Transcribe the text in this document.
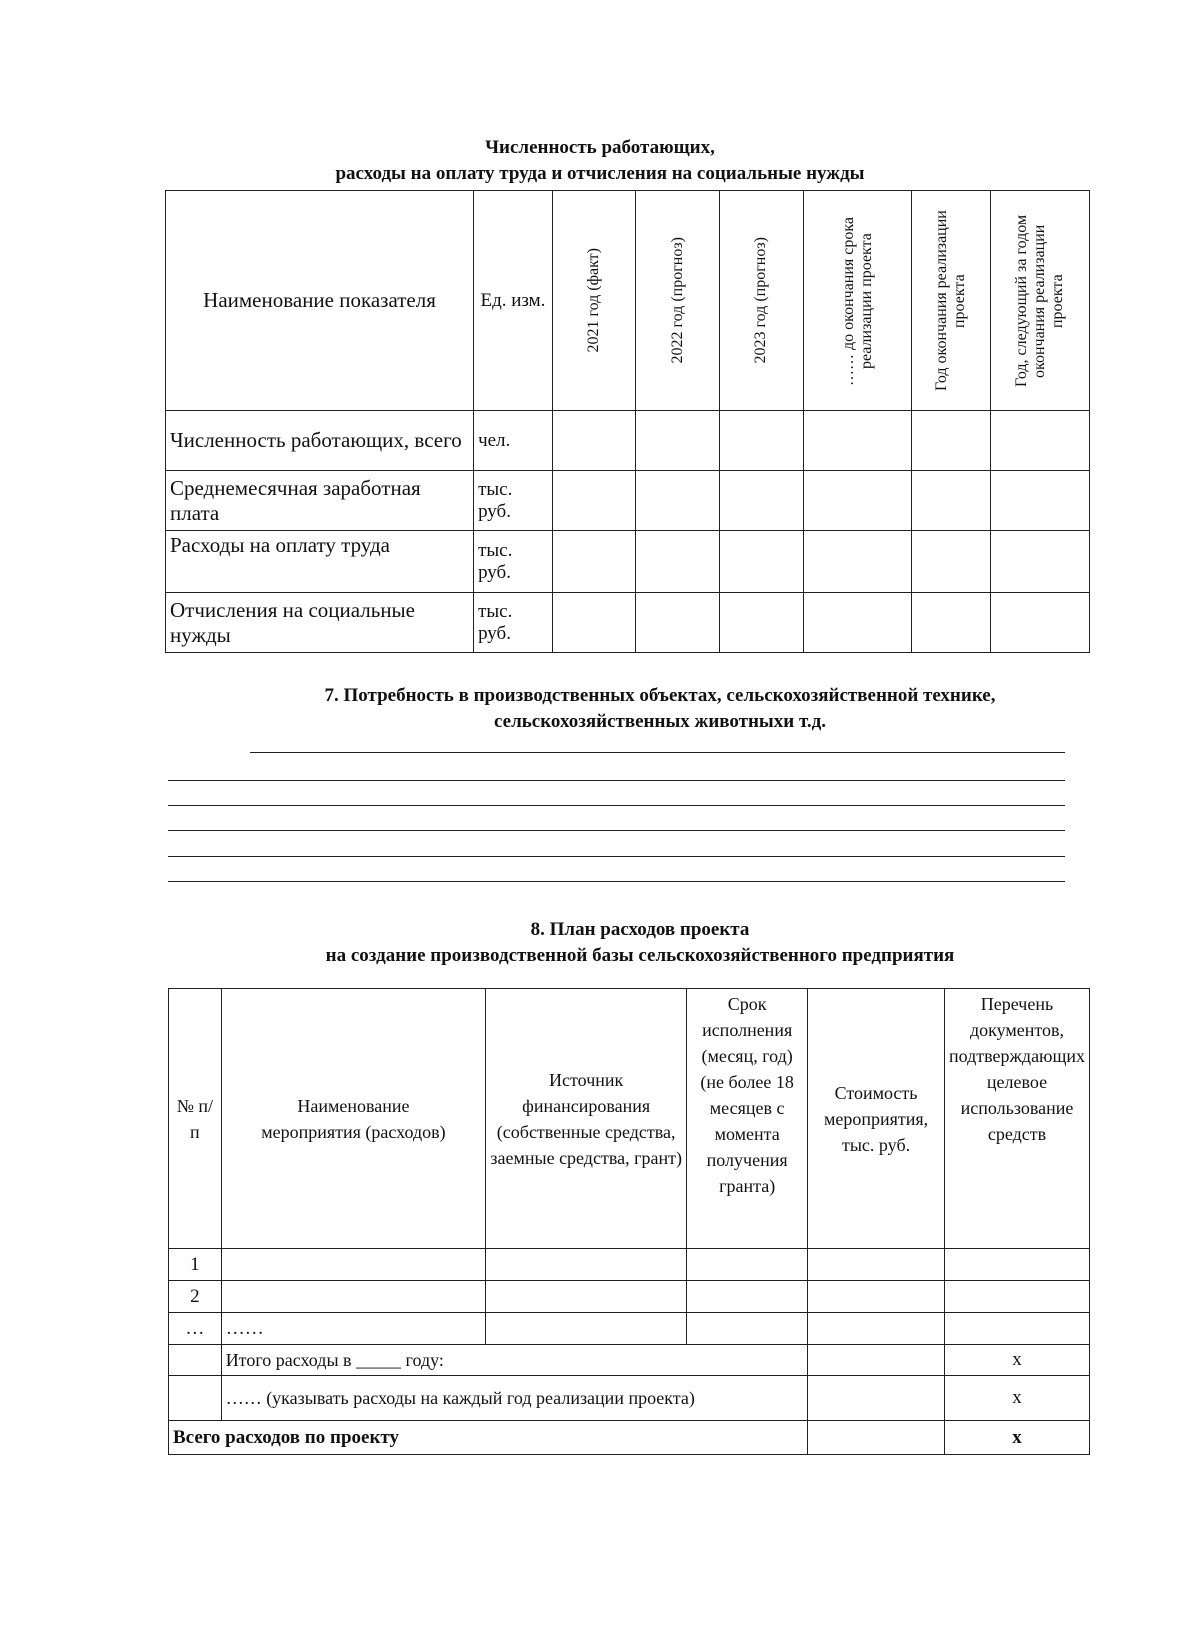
Численность работающих,
расходы на оплату труда и отчисления на социальные нужды
Наименование показателя	Ед. изм.	2021 год (факт)	2022 год (прогноз)	2023 год (прогноз)	…… до окончания срока реализации проекта	Год окончания реализации проекта	Год, следующий за годом окончания реализации проекта

Численность работающих, всего	чел.						
Среднемесячная заработная плата	тыс. руб.						
Расходы на оплату труда	тыс. руб.						
Отчисления на социальные нужды	тыс. руб.						
7. Потребность в производственных объектах, сельскохозяйственной технике,
сельскохозяйственных животныхи т.д.
8. План расходов проекта
на создание производственной базы сельскохозяйственного предприятия
№ п/п	Наименование мероприятия (расходов)	Источник финансирования (собственные средства, заемные средства, грант)	Срок исполнения (месяц, год) (не более 18 месяцев с момента получения гранта)	Стоимость мероприятия, тыс. руб.	Перечень документов, подтверждающих целевое использование средств
1					
2					
…	……				
	Итого расходы в _____ году:				x
	…… (указывать расходы на каждый год реализации проекта)				x
Всего расходов по проекту					x
